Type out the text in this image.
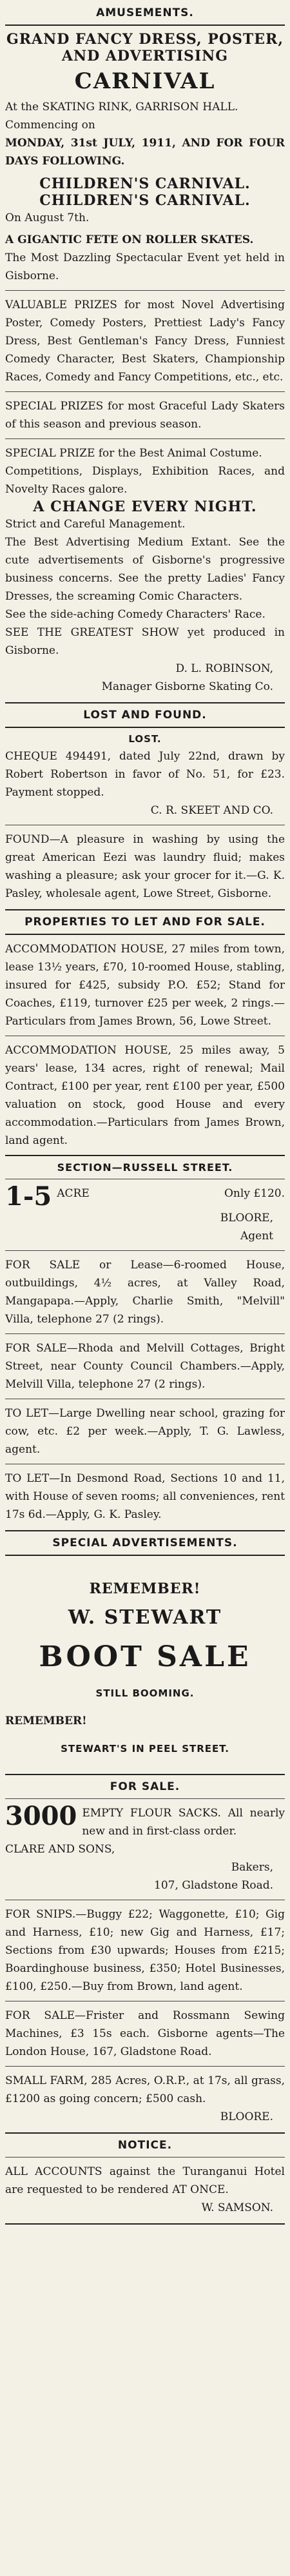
AMUSEMENTS.
GRAND FANCY DRESS, POSTER, AND ADVERTISING
CARNIVAL
At the SKATING RINK, GARRISON HALL.
Commencing on
MONDAY, 31st JULY, 1911, AND FOR FOUR DAYS FOLLOWING.
CHILDREN'S CARNIVAL.
CHILDREN'S CARNIVAL.
On August 7th.
A GIGANTIC FETE ON ROLLER SKATES.
The Most Dazzling Spectacular Event yet held in Gisborne.
VALUABLE PRIZES for most Novel Advertising Poster, Comedy Posters, Prettiest Lady's Fancy Dress, Best Gentleman's Fancy Dress, Funniest Comedy Character, Best Skaters, Championship Races, Comedy and Fancy Competitions, etc., etc.
SPECIAL PRIZES for most Graceful Lady Skaters of this season and previous season.
SPECIAL PRIZE for the Best Animal Costume.
Competitions, Displays, Exhibition Races, and Novelty Races galore.
A CHANGE EVERY NIGHT.
Strict and Careful Management.
The Best Advertising Medium Extant. See the cute advertisements of Gisborne's progressive business concerns. See the pretty Ladies' Fancy Dresses, the screaming Comic Characters.
See the side-aching Comedy Characters' Race.
SEE THE GREATEST SHOW yet produced in Gisborne.
D. L. ROBINSON,
Manager Gisborne Skating Co.
LOST AND FOUND.
LOST.
CHEQUE 494491, dated July 22nd, drawn by Robert Robertson in favor of No. 51, for £23. Payment stopped.
C. R. SKEET AND CO.
FOUND—A pleasure in washing by using the great American Eezi was laundry fluid; makes washing a pleasure; ask your grocer for it.—G. K. Pasley, wholesale agent, Lowe Street, Gisborne.
PROPERTIES TO LET AND FOR SALE.
ACCOMMODATION HOUSE, 27 miles from town, lease 13½ years, £70, 10-roomed House, stabling, insured for £425, subsidy P.O. £52; Stand for Coaches, £119, turnover £25 per week, 2 rings.—Particulars from James Brown, 56, Lowe Street.
ACCOMMODATION HOUSE, 25 miles away, 5 years' lease, 134 acres, right of renewal; Mail Contract, £100 per year, rent £100 per year, £500 valuation on stock, good House and every accommodation.—Particulars from James Brown, land agent.
SECTION—RUSSELL STREET.
1-5 ACRE	Only £120.
BLOORE,
Agent
FOR SALE or Lease—6-roomed House, outbuildings, 4½ acres, at Valley Road, Mangapapa.—Apply, Charlie Smith, "Melvill" Villa, telephone 27 (2 rings).
FOR SALE—Rhoda and Melvill Cottages, Bright Street, near County Council Chambers.—Apply, Melvill Villa, telephone 27 (2 rings).
TO LET—Large Dwelling near school, grazing for cow, etc. £2 per week.—Apply, T. G. Lawless, agent.
TO LET—In Desmond Road, Sections 10 and 11, with House of seven rooms; all conveniences, rent 17s 6d.—Apply, G. K. Pasley.
SPECIAL ADVERTISEMENTS.
REMEMBER!
W. STEWART
BOOT SALE
STILL BOOMING.
REMEMBER!
STEWART'S IN PEEL STREET.
FOR SALE.
3000 EMPTY FLOUR SACKS. All nearly new and in first-class order.
CLARE AND SONS,
Bakers,
107, Gladstone Road.
FOR SNIPS.—Buggy £22; Waggonette, £10; Gig and Harness, £10; new Gig and Harness, £17; Sections from £30 upwards; Houses from £215; Boardinghouse business, £350; Hotel Businesses, £100, £250.—Buy from Brown, land agent.
FOR SALE—Frister and Rossmann Sewing Machines, £3 15s each. Gisborne agents—The London House, 167, Gladstone Road.
SMALL FARM, 285 Acres, O.R.P., at 17s, all grass, £1200 as going concern; £500 cash.
BLOORE.
NOTICE.
ALL ACCOUNTS against the Turanganui Hotel are requested to be rendered AT ONCE.
W. SAMSON.
